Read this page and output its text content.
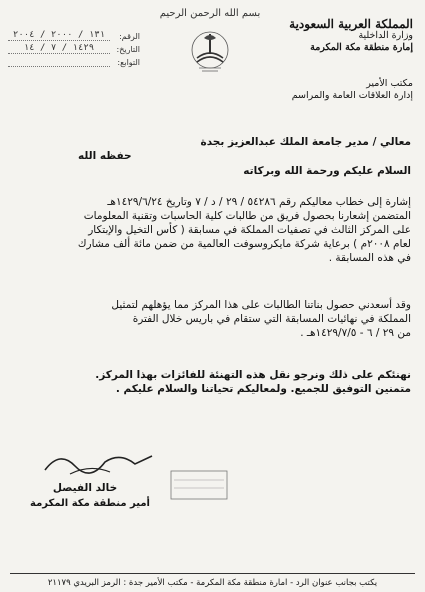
بسم الله الرحمن الرحيم
المملكة العربية السعودية
وزارة الداخلية
إمارة منطقة مكة المكرمة
الرقم:
١٣١ / ٢٠٠٠ / ٢٠٠٤
التاريخ:
١٤٢٩ / ٧ / ١٤
التوابع:
مكتب الأمير
إدارة العلاقات العامة والمراسم
معالي / مدير جامعة الملك عبدالعزيز بجدة
حفظه الله
السلام عليكم ورحمة الله وبركاته
إشارة إلى خطاب معاليكم رقم ٥٤٢٨٦ / ٢٩ / د / ٧ وتاريخ ١٤٢٩/٦/٢٤هـ
المتضمن إشعارنا بحصول فريق من طالبات كلية الحاسبات وتقنية المعلومات
على المركز الثالث في تصفيات المملكة في مسابقة ( كأس التخيل والإبتكار
لعام ٢٠٠٨م ) برعاية شركة مايكروسوفت العالمية من ضمن مائة ألف مشارك
في هذه المسابقة .
وقد أسعدني حصول بناتنا الطالبات على هذا المركز مما يؤهلهم لتمثيل
المملكة في نهائيات المسابقة التي ستقام في باريس خلال الفترة
من ٢٩ / ٦ - ١٤٢٩/٧/٥هـ .
نهنئكم على ذلك ونرجو نقل هذه التهنئة للفائزات بهذا المركز.
متمنين التوفيق للجميع. ولمعاليكم تحياتنا والسلام عليكم .
خالد الفيصل
أمير منطقة مكة المكرمة
يكتب بجانب عنوان الرد - امارة منطقة مكة المكرمة - مكتب الأمير جدة : الرمز البريدي ٢١١٧٩
